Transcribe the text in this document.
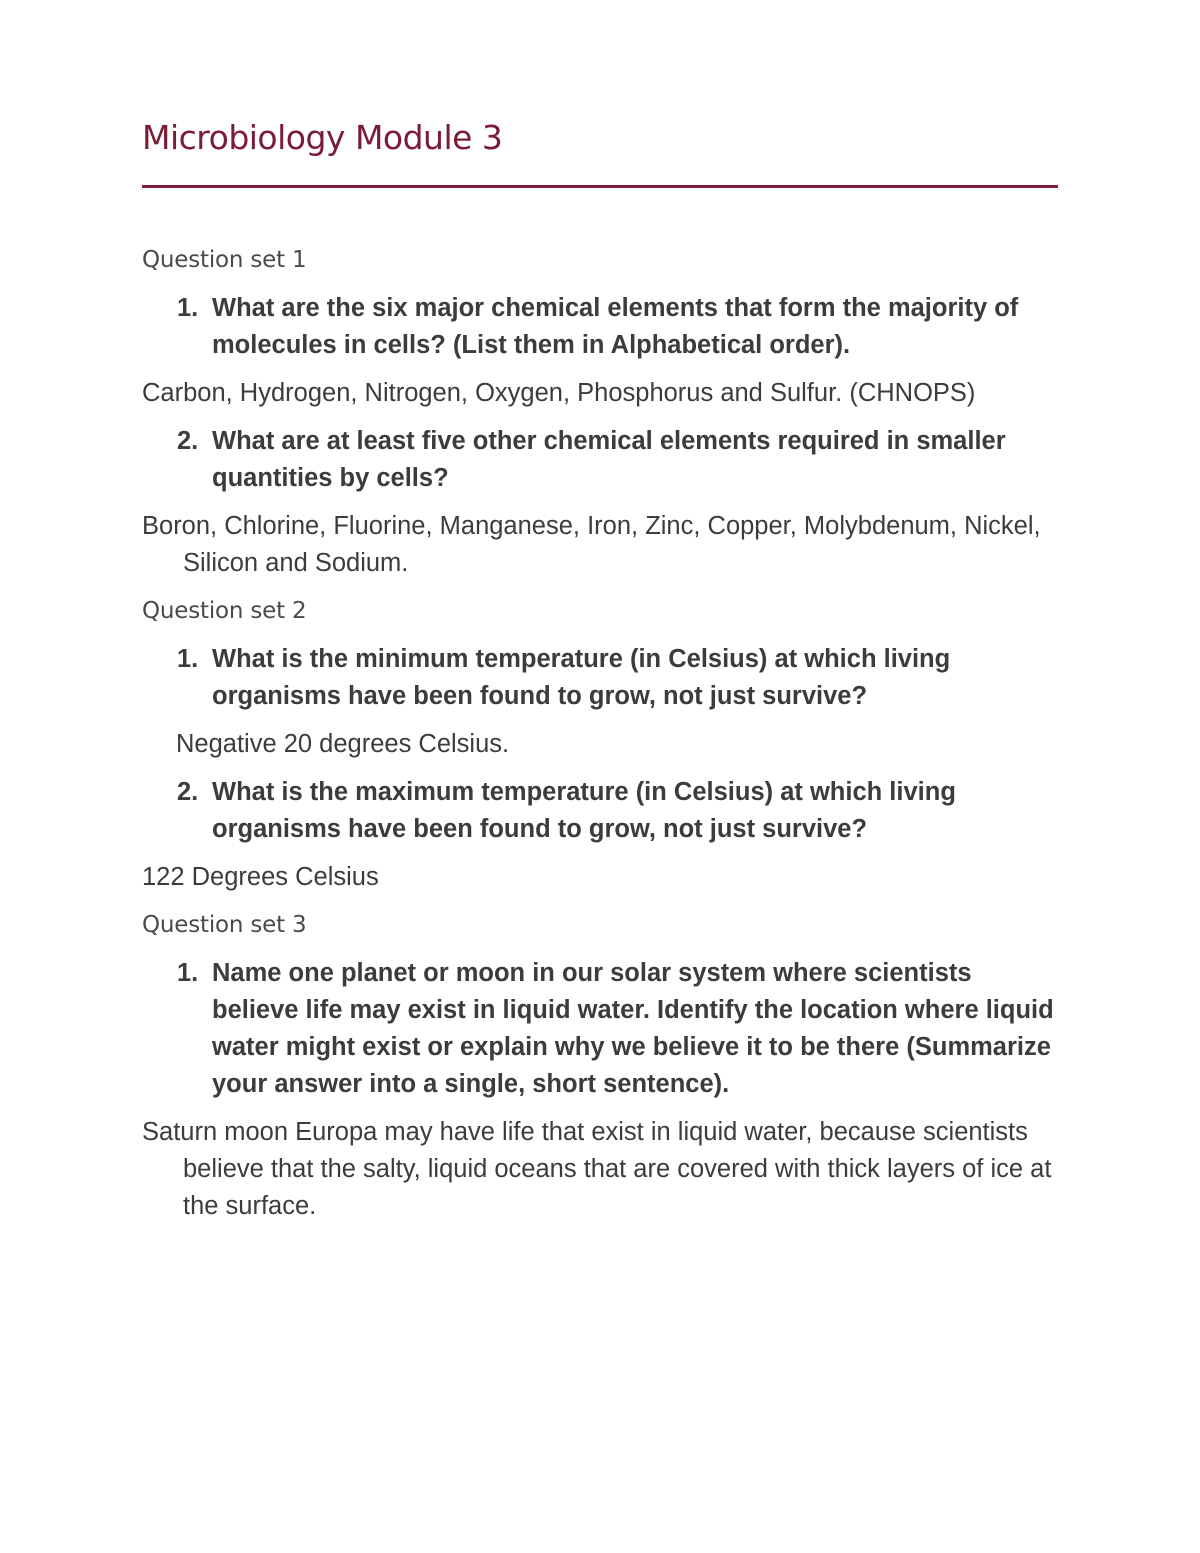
Microbiology Module 3
Question set 1
1. What are the six major chemical elements that form the majority of molecules in cells? (List them in Alphabetical order).
Carbon, Hydrogen, Nitrogen, Oxygen, Phosphorus and Sulfur. (CHNOPS)
2. What are at least five other chemical elements required in smaller quantities by cells?
Boron, Chlorine, Fluorine, Manganese, Iron, Zinc, Copper, Molybdenum, Nickel, Silicon and Sodium.
Question set 2
1. What is the minimum temperature (in Celsius) at which living organisms have been found to grow, not just survive?
Negative 20 degrees Celsius.
2. What is the maximum temperature (in Celsius) at which living organisms have been found to grow, not just survive?
122 Degrees Celsius
Question set 3
1. Name one planet or moon in our solar system where scientists believe life may exist in liquid water. Identify the location where liquid water might exist or explain why we believe it to be there (Summarize your answer into a single, short sentence).
Saturn moon Europa may have life that exist in liquid water, because scientists believe that the salty, liquid oceans that are covered with thick layers of ice at the surface.
